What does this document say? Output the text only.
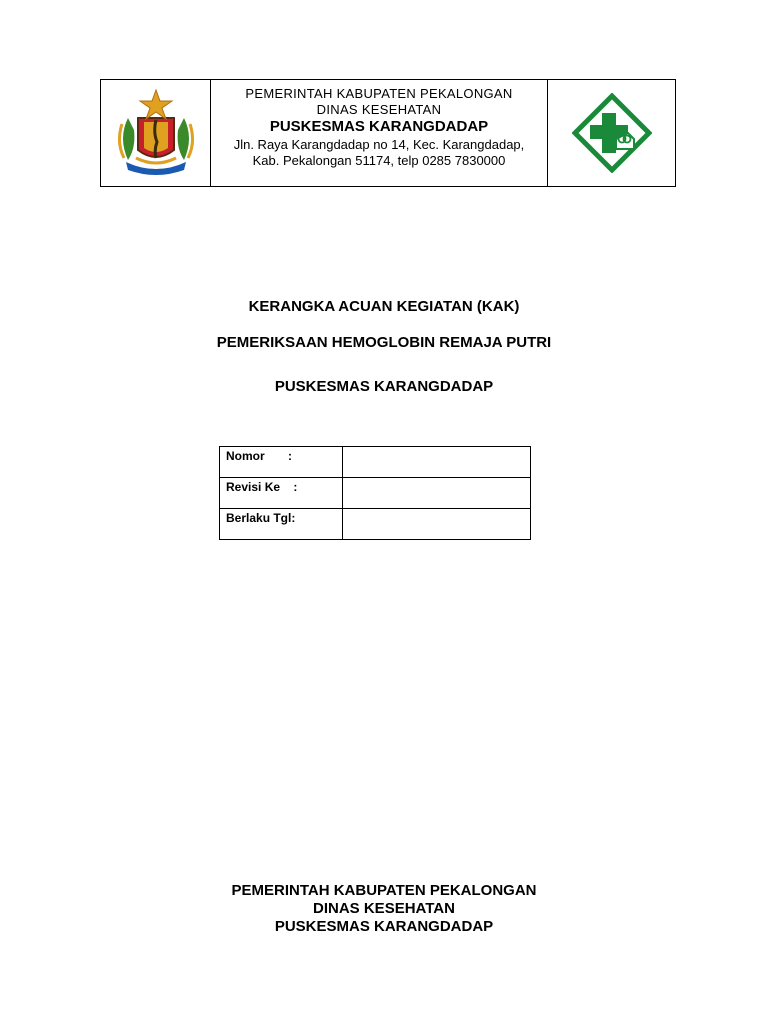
PEMERINTAH KABUPATEN PEKALONGAN
DINAS KESEHATAN
PUSKESMAS KARANGDADAP
Jln. Raya Karangdadap no 14, Kec. Karangdadap, Kab. Pekalongan 51174, telp 0285 7830000
KERANGKA ACUAN KEGIATAN (KAK)
PEMERIKSAAN HEMOGLOBIN REMAJA PUTRI
PUSKESMAS KARANGDADAP
Nomor       :	

Revisi Ke    :	

Berlaku Tgl:	

PEMERINTAH KABUPATEN PEKALONGAN
DINAS KESEHATAN
PUSKESMAS KARANGDADAP
